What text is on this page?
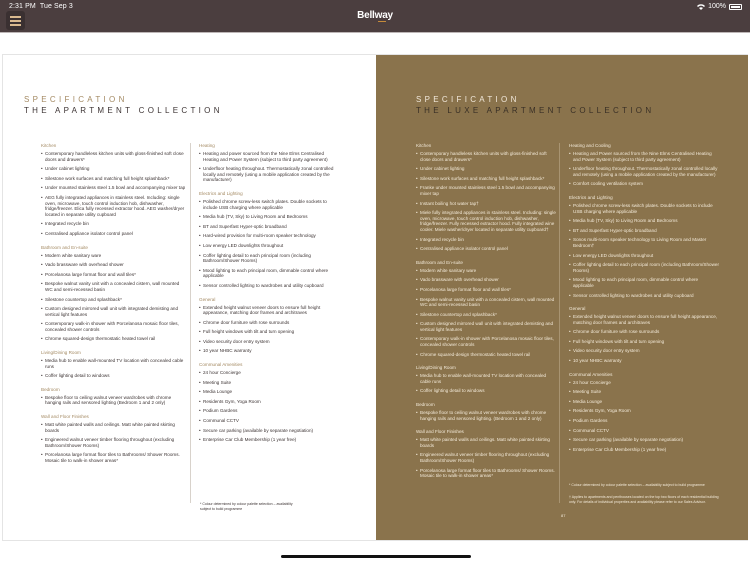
2:31 PM Tue Sep 3	100%
Bellway
SPECIFICATION
THE APARTMENT COLLECTION
Kitchen
• Contemporary handleless kitchen units with gloss-finished soft close doors and drawers*
• Under cabinet lighting
• Silestone work surfaces and matching full height splashback*
• Under mounted stainless steel 1.5 bowl and accompanying mixer tap
• AEG fully integrated appliances in stainless steel. Including: single oven, microwave, touch control induction hob, dishwasher, fridge/freezer. Elica fully recessed extractor hood. AEG washer/dryer located in separate utility cupboard
• Integrated recycle bin
• Centralised appliance isolator control panel
Bathroom and En-suite
• Modern white sanitary ware
• Vado brassware with overhead shower
• Porcelanosa large format floor and wall tiles*
• Bespoke walnut vanity unit with a concealed cistern, wall mounted WC and semi-recessed basin
• Silestone countertop and splashback*
• Custom designed mirrored wall unit with integrated demisting and vertical light features
• Contemporary walk-in shower with Porcelanosa mosaic floor tiles, concealed shower controls
• Chrome squared-design thermostatic heated towel rail
Living/Dining Room
• Media hub to enable wall-mounted TV location with concealed cable runs
• Coffer lighting detail to windows
Bedroom
• Bespoke floor to ceiling walnut veneer wardrobes with chrome hanging rails and sensored lighting (Bedroom 1 and 2 only)
Wall and Floor Finishes
• Matt white painted walls and ceilings. Matt white painted skirting boards
• Engineered walnut veneer timber flooring throughout (excluding Bathroom/Shower Rooms)
• Porcelanosa large format floor tiles to Bathrooms/ Shower Rooms. Mosaic tile to walk-in shower areas*
Heating
• Heating and power sourced from the Nine Elms Centralised Heating and Power System (subject to third party agreement)
• Underfloor heating throughout. Thermostatically zonal controlled locally and remotely (using a mobile application created by the manufacturer)
Electrics and Lighting
• Polished chrome screw-less switch plates. Double sockets to include USB charging where applicable
• Media hub (TV, Sky) to Living Room and Bedrooms
• BT and Superfast Hyper-optic broadband
• Hard-wired provision for multi-room speaker technology
• Low energy LED downlights throughout
• Coffer lighting detail to each principal room (including Bathroom/Shower Rooms)
• Mood lighting to each principal room, dimmable control where applicable
• Sensor controlled lighting to wardrobes and utility cupboard
General
• Extended height walnut veneer doors to ensure full height appearance, matching door frames and architraves
• Chrome door furniture with rose surrounds
• Full height windows with tilt and turn opening
• Video security door entry system
• 10 year NHBC warranty
Communal Amenities
• 24 hour Concierge
• Meeting Suite
• Media Lounge
• Residents Gym, Yoga Room
• Podium Gardens
• Communal CCTV
• Secure car parking (available by separate negotiation)
• Enterprise Car Club Membership (1 year free)
* Colour determined by colour palette selection – availability subject to build programme
SPECIFICATION
THE LUXE APARTMENT COLLECTION
Kitchen
• Contemporary handleless kitchen units with gloss-finished soft close doors and drawers*
• Under cabinet lighting
• Silestone work surfaces and matching full height splashback*
• Franke under mounted stainless steel 1.5 bowl and accompanying mixer tap
• Instant boiling hot water tap†
• Miele fully integrated appliances in stainless steel. Including: single oven, microwave, touch control induction hob, dishwasher, fridge/freezer. Fully recessed extractor hood. Fully integrated wine cooler. Miele washer/dryer located in separate utility cupboard†
• Integrated recycle bin
• Centralised appliance isolator control panel
Bathroom and En-suite
• Modern white sanitary ware
• Vado brassware with overhead shower
• Porcelanosa large format floor and wall tiles*
• Bespoke walnut vanity unit with a concealed cistern, wall mounted WC and semi-recessed basin
• Silestone countertop and splashback*
• Custom designed mirrored wall unit with integrated demisting and vertical light features
• Contemporary walk-in shower with Porcelanosa mosaic floor tiles, concealed shower controls
• Chrome squared-design thermostatic heated towel rail
Living/Dining Room
• Media hub to enable wall-mounted TV location with concealed cable runs
• Coffer lighting detail to windows
Bedroom
• Bespoke floor to ceiling walnut veneer wardrobes with chrome hanging rails and sensored lighting. (Bedroom 1 and 2 only)
Wall and Floor Finishes
• Matt white painted walls and ceilings. Matt white painted skirting boards
• Engineered walnut veneer timber flooring throughout (excluding Bathroom/Shower Rooms)
• Porcelanosa large format floor tiles to Bathrooms/ Shower Rooms. Mosaic tile to walk-in shower areas*
Heating and Cooling
• Heating and Power sourced from the Nine Elms Centralised Heating and Power System (subject to third party agreement)
• Underfloor heating throughout. Thermostatically zonal controlled locally and remotely (using a mobile application created by the manufacturer)
• Comfort cooling ventilation system
Electrics and Lighting
• Polished chrome screw-less switch plates. Double sockets to include USB charging where applicable
• Media hub (TV, Sky) to Living Room and Bedrooms
• BT and Superfast Hyper-optic broadband
• Sonos multi-room speaker technology to Living Room and Master Bedroom†
• Low energy LED downlights throughout
• Coffer lighting detail to each principal room (including Bathroom/Shower Rooms)
• Mood lighting to each principal room, dimmable control where applicable
• Sensor controlled lighting to wardrobes and utility cupboard
General
• Extended height walnut veneer doors to ensure full height appearance, matching door frames and architraves
• Chrome door furniture with rose surrounds
• Full height windows with tilt and turn opening
• Video security door entry system
• 10 year NHBC warranty
Communal Amenities
• 24 hour Concierge
• Meeting Suite
• Media Lounge
• Residents Gym, Yoga Room
• Podium Gardens
• Communal CCTV
• Secure car parking (available by separate negotiation)
• Enterprise Car Club Membership (1 year free)
* Colour determined by colour palette selection – availability subject to build programme
† Applies to apartments and penthouses located on the top two floors of each residential building only. For details of individual properties and availability please refer to our Sales Advisor.
87
